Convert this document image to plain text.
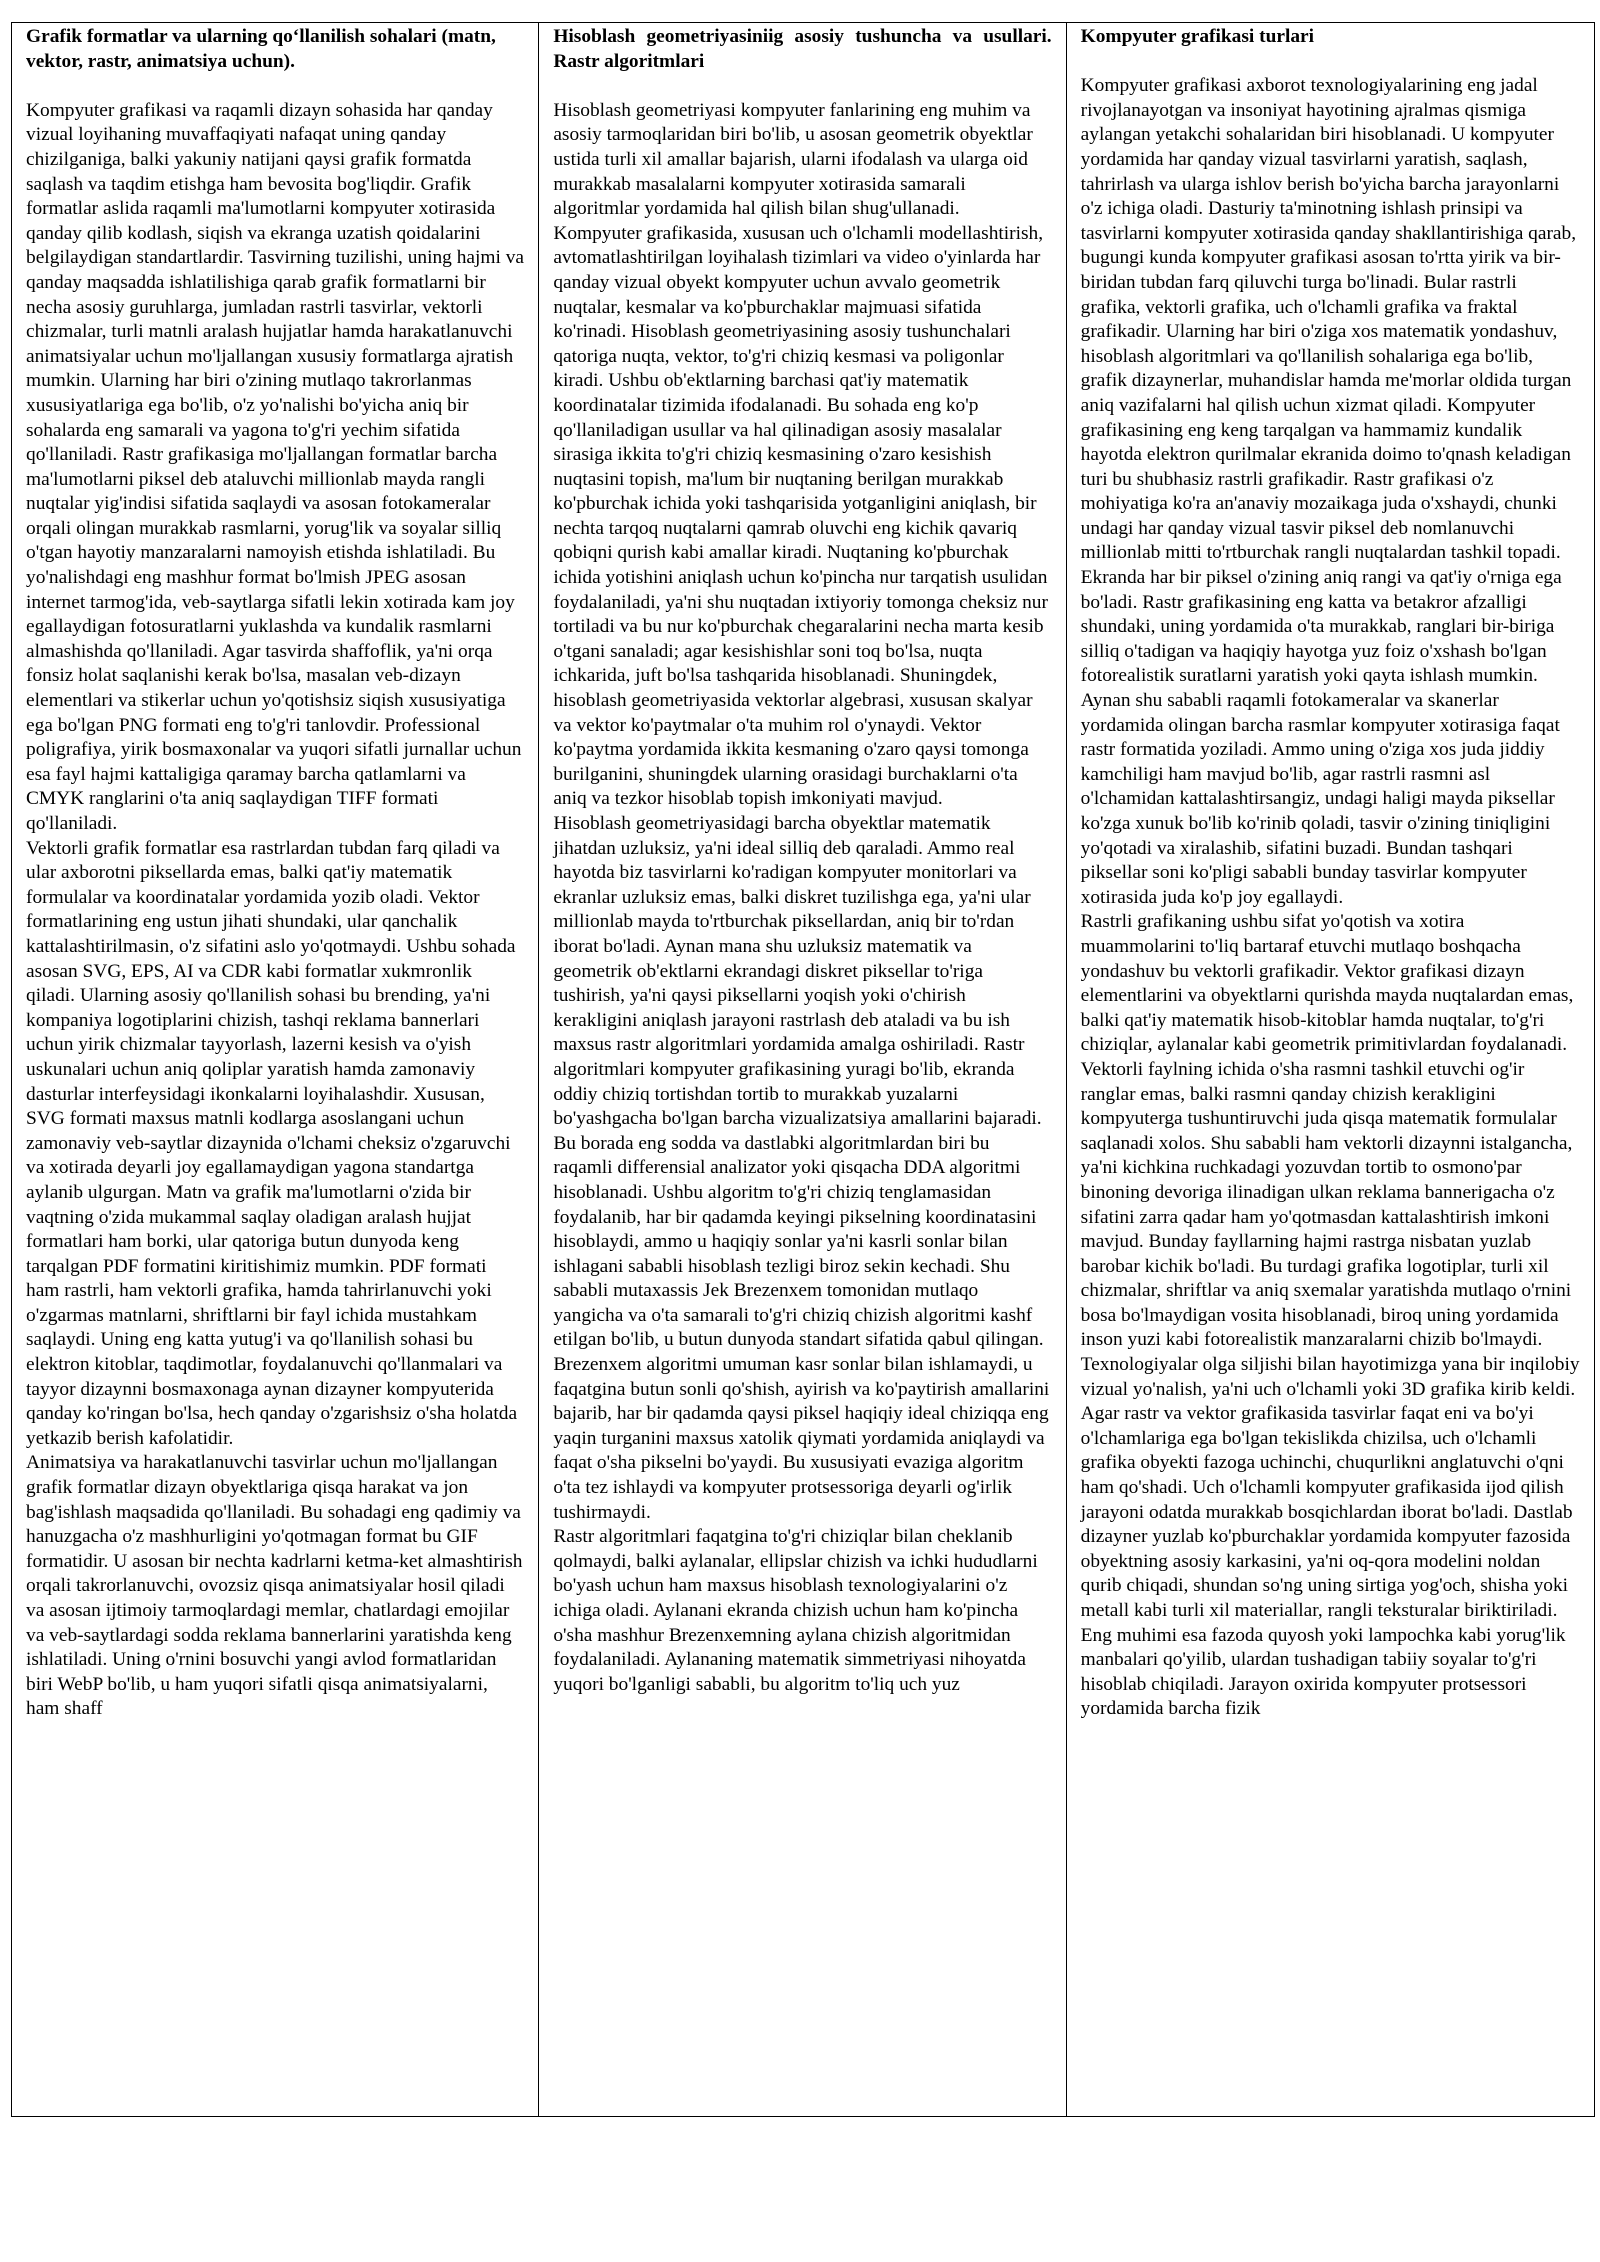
Grafik formatlar va ularning qo‘llanilish sohalari (matn, vektor, rastr, animatsiya uchun).

Kompyuter grafikasi va raqamli dizayn sohasida har qanday vizual loyihaning muvaffaqiyati nafaqat uning qanday chizilganiga, balki yakuniy natijani qaysi grafik formatda saqlash va taqdim etishga ham bevosita bog'liqdir. Grafik formatlar aslida raqamli ma'lumotlarni kompyuter xotirasida qanday qilib kodlash, siqish va ekranga uzatish qoidalarini belgilaydigan standartlardir. Tasvirning tuzilishi, uning hajmi va qanday maqsadda ishlatilishiga qarab grafik formatlarni bir necha asosiy guruhlarga, jumladan rastrli tasvirlar, vektorli chizmalar, turli matnli aralash hujjatlar hamda harakatlanuvchi animatsiyalar uchun mo'ljallangan xususiy formatlarga ajratish mumkin. Ularning har biri o'zining mutlaqo takrorlanmas xususiyatlariga ega bo'lib, o'z yo'nalishi bo'yicha aniq bir sohalarda eng samarali va yagona to'g'ri yechim sifatida qo'llaniladi. Rastr grafikasiga mo'ljallangan formatlar barcha ma'lumotlarni piksel deb ataluvchi millionlab mayda rangli nuqtalar yig'indisi sifatida saqlaydi va asosan fotokameralar orqali olingan murakkab rasmlarni, yorug'lik va soyalar silliq o'tgan hayotiy manzaralarni namoyish etishda ishlatiladi. Bu yo'nalishdagi eng mashhur format bo'lmish JPEG asosan internet tarmog'ida, veb-saytlarga sifatli lekin xotirada kam joy egallaydigan fotosuratlarni yuklashda va kundalik rasmlarni almashishda qo'llaniladi. Agar tasvirda shaffoflik, ya'ni orqa fonsiz holat saqlanishi kerak bo'lsa, masalan veb-dizayn elementlari va stikerlar uchun yo'qotishsiz siqish xususiyatiga ega bo'lgan PNG formati eng to'g'ri tanlovdir. Professional poligrafiya, yirik bosmaxonalar va yuqori sifatli jurnallar uchun esa fayl hajmi kattaligiga qaramay barcha qatlamlarni va CMYK ranglarini o'ta aniq saqlaydigan TIFF formati qo'llaniladi.

Vektorli grafik formatlar esa rastrlardan tubdan farq qiladi va ular axborotni piksellarda emas, balki qat'iy matematik formulalar va koordinatalar yordamida yozib oladi. Vektor formatlarining eng ustun jihati shundaki, ular qanchalik kattalashtirilmasin, o'z sifatini aslo yo'qotmaydi. Ushbu sohada asosan SVG, EPS, AI va CDR kabi formatlar xukmronlik qiladi. Ularning asosiy qo'llanilish sohasi bu brending, ya'ni kompaniya logotiplarini chizish, tashqi reklama bannerlari uchun yirik chizmalar tayyorlash, lazerni kesish va o'yish uskunalari uchun aniq qoliplar yaratish hamda zamonaviy dasturlar interfeysidagi ikonkalarni loyihalashdir. Xususan, SVG formati maxsus matnli kodlarga asoslangani uchun zamonaviy veb-saytlar dizaynida o'lchami cheksiz o'zgaruvchi va xotirada deyarli joy egallamaydigan yagona standartga aylanib ulgurgan. Matn va grafik ma'lumotlarni o'zida bir vaqtning o'zida mukammal saqlay oladigan aralash hujjat formatlari ham borki, ular qatoriga butun dunyoda keng tarqalgan PDF formatini kiritishimiz mumkin. PDF formati ham rastrli, ham vektorli grafika, hamda tahrirlanuvchi yoki o'zgarmas matnlarni, shriftlarni bir fayl ichida mustahkam saqlaydi. Uning eng katta yutug'i va qo'llanilish sohasi bu elektron kitoblar, taqdimotlar, foydalanuvchi qo'llanmalari va tayyor dizaynni bosmaxonaga aynan dizayner kompyuterida qanday ko'ringan bo'lsa, hech qanday o'zgarishsiz o'sha holatda yetkazib berish kafolatidir.

Animatsiya va harakatlanuvchi tasvirlar uchun mo'ljallangan grafik formatlar dizayn obyektlariga qisqa harakat va jon bag'ishlash maqsadida qo'llaniladi. Bu sohadagi eng qadimiy va hanuzgacha o'z mashhurligini yo'qotmagan format bu GIF formatidir. U asosan bir nechta kadrlarni ketma-ket almashtirish orqali takrorlanuvchi, ovozsiz qisqa animatsiyalar hosil qiladi va asosan ijtimoiy tarmoqlardagi memlar, chatlardagi emojilar va veb-saytlardagi sodda reklama bannerlarini yaratishda keng ishlatiladi. Uning o'rnini bosuvchi yangi avlod formatlaridan biri WebP bo'lib, u ham yuqori sifatli qisqa animatsiyalarni, ham shaff

Hisoblash geometriyasiniig asosiy tushuncha va usullari. Rastr algoritmlari

Hisoblash geometriyasi kompyuter fanlarining eng muhim va asosiy tarmoqlaridan biri bo'lib, u asosan geometrik obyektlar ustida turli xil amallar bajarish, ularni ifodalash va ularga oid murakkab masalalarni kompyuter xotirasida samarali algoritmlar yordamida hal qilish bilan shug'ullanadi. Kompyuter grafikasida, xususan uch o'lchamli modellashtirish, avtomatlashtirilgan loyihalash tizimlari va video o'yinlarda har qanday vizual obyekt kompyuter uchun avvalo geometrik nuqtalar, kesmalar va ko'pburchaklar majmuasi sifatida ko'rinadi. Hisoblash geometriyasining asosiy tushunchalari qatoriga nuqta, vektor, to'g'ri chiziq kesmasi va poligonlar kiradi. Ushbu ob'ektlarning barchasi qat'iy matematik koordinatalar tizimida ifodalanadi. Bu sohada eng ko'p qo'llaniladigan usullar va hal qilinadigan asosiy masalalar sirasiga ikkita to'g'ri chiziq kesmasining o'zaro kesishish nuqtasini topish, ma'lum bir nuqtaning berilgan murakkab ko'pburchak ichida yoki tashqarisida yotganligini aniqlash, bir nechta tarqoq nuqtalarni qamrab oluvchi eng kichik qavariq qobiqni qurish kabi amallar kiradi. Nuqtaning ko'pburchak ichida yotishini aniqlash uchun ko'pincha nur tarqatish usulidan foydalaniladi, ya'ni shu nuqtadan ixtiyoriy tomonga cheksiz nur tortiladi va bu nur ko'pburchak chegaralarini necha marta kesib o'tgani sanaladi; agar kesishishlar soni toq bo'lsa, nuqta ichkarida, juft bo'lsa tashqarida hisoblanadi. Shuningdek, hisoblash geometriyasida vektorlar algebrasi, xususan skalyar va vektor ko'paytmalar o'ta muhim rol o'ynaydi. Vektor ko'paytma yordamida ikkita kesmaning o'zaro qaysi tomonga burilganini, shuningdek ularning orasidagi burchaklarni o'ta aniq va tezkor hisoblab topish imkoniyati mavjud.

Hisoblash geometriyasidagi barcha obyektlar matematik jihatdan uzluksiz, ya'ni ideal silliq deb qaraladi. Ammo real hayotda biz tasvirlarni ko'radigan kompyuter monitorlari va ekranlar uzluksiz emas, balki diskret tuzilishga ega, ya'ni ular millionlab mayda to'rtburchak piksellardan, aniq bir to'rdan iborat bo'ladi. Aynan mana shu uzluksiz matematik va geometrik ob'ektlarni ekrandagi diskret piksellar to'riga tushirish, ya'ni qaysi piksellarni yoqish yoki o'chirish kerakligini aniqlash jarayoni rastrlash deb ataladi va bu ish maxsus rastr algoritmlari yordamida amalga oshiriladi. Rastr algoritmlari kompyuter grafikasining yuragi bo'lib, ekranda oddiy chiziq tortishdan tortib to murakkab yuzalarni bo'yashgacha bo'lgan barcha vizualizatsiya amallarini bajaradi. Bu borada eng sodda va dastlabki algoritmlardan biri bu raqamli differensial analizator yoki qisqacha DDA algoritmi hisoblanadi. Ushbu algoritm to'g'ri chiziq tenglamasidan foydalanib, har bir qadamda keyingi pikselning koordinatasini hisoblaydi, ammo u haqiqiy sonlar ya'ni kasrli sonlar bilan ishlagani sababli hisoblash tezligi biroz sekin kechadi. Shu sababli mutaxassis Jek Brezenxem tomonidan mutlaqo yangicha va o'ta samarali to'g'ri chiziq chizish algoritmi kashf etilgan bo'lib, u butun dunyoda standart sifatida qabul qilingan. Brezenxem algoritmi umuman kasr sonlar bilan ishlamaydi, u faqatgina butun sonli qo'shish, ayirish va ko'paytirish amallarini bajarib, har bir qadamda qaysi piksel haqiqiy ideal chiziqqa eng yaqin turganini maxsus xatolik qiymati yordamida aniqlaydi va faqat o'sha pikselni bo'yaydi. Bu xususiyati evaziga algoritm o'ta tez ishlaydi va kompyuter protsessoriga deyarli og'irlik tushirmaydi.

Rastr algoritmlari faqatgina to'g'ri chiziqlar bilan cheklanib qolmaydi, balki aylanalar, ellipslar chizish va ichki hududlarni bo'yash uchun ham maxsus hisoblash texnologiyalarini o'z ichiga oladi. Aylanani ekranda chizish uchun ham ko'pincha o'sha mashhur Brezenxemning aylana chizish algoritmidan foydalaniladi. Aylananing matematik simmetriyasi nihoyatda yuqori bo'lganligi sababli, bu algoritm to'liq uch yuz

Kompyuter grafikasi turlari

Kompyuter grafikasi axborot texnologiyalarining eng jadal rivojlanayotgan va insoniyat hayotining ajralmas qismiga aylangan yetakchi sohalaridan biri hisoblanadi. U kompyuter yordamida har qanday vizual tasvirlarni yaratish, saqlash, tahrirlash va ularga ishlov berish bo'yicha barcha jarayonlarni o'z ichiga oladi. Dasturiy ta'minotning ishlash prinsipi va tasvirlarni kompyuter xotirasida qanday shakllantirishiga qarab, bugungi kunda kompyuter grafikasi asosan to'rtta yirik va bir-biridan tubdan farq qiluvchi turga bo'linadi. Bular rastrli grafika, vektorli grafika, uch o'lchamli grafika va fraktal grafikadir. Ularning har biri o'ziga xos matematik yondashuv, hisoblash algoritmlari va qo'llanilish sohalariga ega bo'lib, grafik dizaynerlar, muhandislar hamda me'morlar oldida turgan aniq vazifalarni hal qilish uchun xizmat qiladi. Kompyuter grafikasining eng keng tarqalgan va hammamiz kundalik hayotda elektron qurilmalar ekranida doimo to'qnash keladigan turi bu shubhasiz rastrli grafikadir. Rastr grafikasi o'z mohiyatiga ko'ra an'anaviy mozaikaga juda o'xshaydi, chunki undagi har qanday vizual tasvir piksel deb nomlanuvchi millionlab mitti to'rtburchak rangli nuqtalardan tashkil topadi. Ekranda har bir piksel o'zining aniq rangi va qat'iy o'rniga ega bo'ladi. Rastr grafikasining eng katta va betakror afzalligi shundaki, uning yordamida o'ta murakkab, ranglari bir-biriga silliq o'tadigan va haqiqiy hayotga yuz foiz o'xshash bo'lgan fotorealistik suratlarni yaratish yoki qayta ishlash mumkin. Aynan shu sababli raqamli fotokameralar va skanerlar yordamida olingan barcha rasmlar kompyuter xotirasiga faqat rastr formatida yoziladi. Ammo uning o'ziga xos juda jiddiy kamchiligi ham mavjud bo'lib, agar rastrli rasmni asl o'lchamidan kattalashtirsangiz, undagi haligi mayda piksellar ko'zga xunuk bo'lib ko'rinib qoladi, tasvir o'zining tiniqligini yo'qotadi va xiralashib, sifatini buzadi. Bundan tashqari piksellar soni ko'pligi sababli bunday tasvirlar kompyuter xotirasida juda ko'p joy egallaydi.

Rastrli grafikaning ushbu sifat yo'qotish va xotira muammolarini to'liq bartaraf etuvchi mutlaqo boshqacha yondashuv bu vektorli grafikadir. Vektor grafikasi dizayn elementlarini va obyektlarni qurishda mayda nuqtalardan emas, balki qat'iy matematik hisob-kitoblar hamda nuqtalar, to'g'ri chiziqlar, aylanalar kabi geometrik primitivlardan foydalanadi. Vektorli faylning ichida o'sha rasmni tashkil etuvchi og'ir ranglar emas, balki rasmni qanday chizish kerakligini kompyuterga tushuntiruvchi juda qisqa matematik formulalar saqlanadi xolos. Shu sababli ham vektorli dizaynni istalgancha, ya'ni kichkina ruchkadagi yozuvdan tortib to osmono'par binoning devoriga ilinadigan ulkan reklama bannerigacha o'z sifatini zarra qadar ham yo'qotmasdan kattalashtirish imkoni mavjud. Bunday fayllarning hajmi rastrga nisbatan yuzlab barobar kichik bo'ladi. Bu turdagi grafika logotiplar, turli xil chizmalar, shriftlar va aniq sxemalar yaratishda mutlaqo o'rnini bosa bo'lmaydigan vosita hisoblanadi, biroq uning yordamida inson yuzi kabi fotorealistik manzaralarni chizib bo'lmaydi.

Texnologiyalar olga siljishi bilan hayotimizga yana bir inqilobiy vizual yo'nalish, ya'ni uch o'lchamli yoki 3D grafika kirib keldi. Agar rastr va vektor grafikasida tasvirlar faqat eni va bo'yi o'lchamlariga ega bo'lgan tekislikda chizilsa, uch o'lchamli grafika obyekti fazoga uchinchi, chuqurlikni anglatuvchi o'qni ham qo'shadi. Uch o'lchamli kompyuter grafikasida ijod qilish jarayoni odatda murakkab bosqichlardan iborat bo'ladi. Dastlab dizayner yuzlab ko'pburchaklar yordamida kompyuter fazosida obyektning asosiy karkasini, ya'ni oq-qora modelini noldan qurib chiqadi, shundan so'ng uning sirtiga yog'och, shisha yoki metall kabi turli xil materiallar, rangli teksturalar biriktiriladi. Eng muhimi esa fazoda quyosh yoki lampochka kabi yorug'lik manbalari qo'yilib, ulardan tushadigan tabiiy soyalar to'g'ri hisoblab chiqiladi. Jarayon oxirida kompyuter protsessori yordamida barcha fizik
